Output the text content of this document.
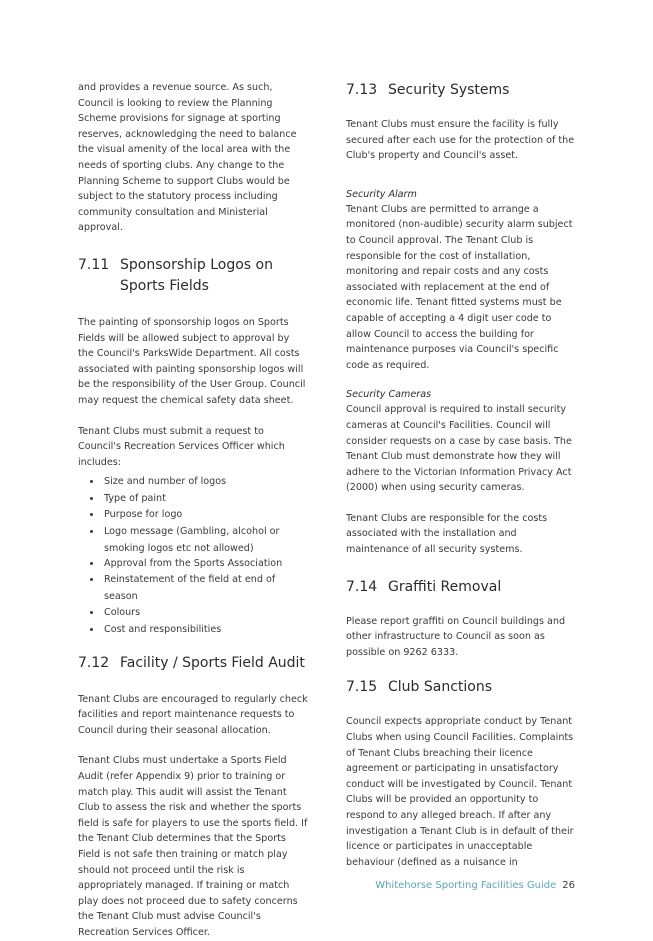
and provides a revenue source. As such, Council is looking to review the Planning Scheme provisions for signage at sporting reserves, acknowledging the need to balance the visual amenity of the local area with the needs of sporting clubs. Any change to the Planning Scheme to support Clubs would be subject to the statutory process including community consultation and Ministerial approval.

7.11 Sponsorship Logos on Sports Fields

The painting of sponsorship logos on Sports Fields will be allowed subject to approval by the Council's ParksWide Department. All costs associated with painting sponsorship logos will be the responsibility of the User Group. Council may request the chemical safety data sheet.

Tenant Clubs must submit a request to Council's Recreation Services Officer which includes:

• Size and number of logos
• Type of paint
• Purpose for logo
• Logo message (Gambling, alcohol or
smoking logos etc not allowed)
• Approval from the Sports Association
• Reinstatement of the field at end of season
• Colours
• Cost and responsibilities
7.12 Facility / Sports Field Audit

Tenant Clubs are encouraged to regularly check facilities and report maintenance requests to Council during their seasonal allocation.

Tenant Clubs must undertake a Sports Field Audit (refer Appendix 9) prior to training or match play. This audit will assist the Tenant Club to assess the risk and whether the sports field is safe for players to use the sports field. If the Tenant Club determines that the Sports Field is not safe then training or match play should not proceed until the risk is appropriately managed. If training or match play does not proceed due to safety concerns the Tenant Club must advise Council's Recreation Services Officer.

7.13 Security Systems

Tenant Clubs must ensure the facility is fully secured after each use for the protection of the Club's property and Council's asset.

Security Alarm

Tenant Clubs are permitted to arrange a monitored (non-audible) security alarm subject to Council approval. The Tenant Club is responsible for the cost of installation, monitoring and repair costs and any costs associated with replacement at the end of economic life. Tenant fitted systems must be capable of accepting a 4 digit user code to allow Council to access the building for maintenance purposes via Council's specific code as required.

Security Cameras

Council approval is required to install security cameras at Council's Facilities. Council will consider requests on a case by case basis. The Tenant Club must demonstrate how they will adhere to the Victorian Information Privacy Act (2000) when using security cameras.

Tenant Clubs are responsible for the costs associated with the installation and maintenance of all security systems.

7.14 Graffiti Removal

Please report graffiti on Council buildings and other infrastructure to Council as soon as possible on 9262 6333.

7.15 Club Sanctions

Council expects appropriate conduct by Tenant Clubs when using Council Facilities. Complaints of Tenant Clubs breaching their licence agreement or participating in unsatisfactory conduct will be investigated by Council. Tenant Clubs will be provided an opportunity to respond to any alleged breach. If after any investigation a Tenant Club is in default of their licence or participates in unacceptable behaviour (defined as a nuisance in

Whitehorse Sporting Facilities Guide 26
